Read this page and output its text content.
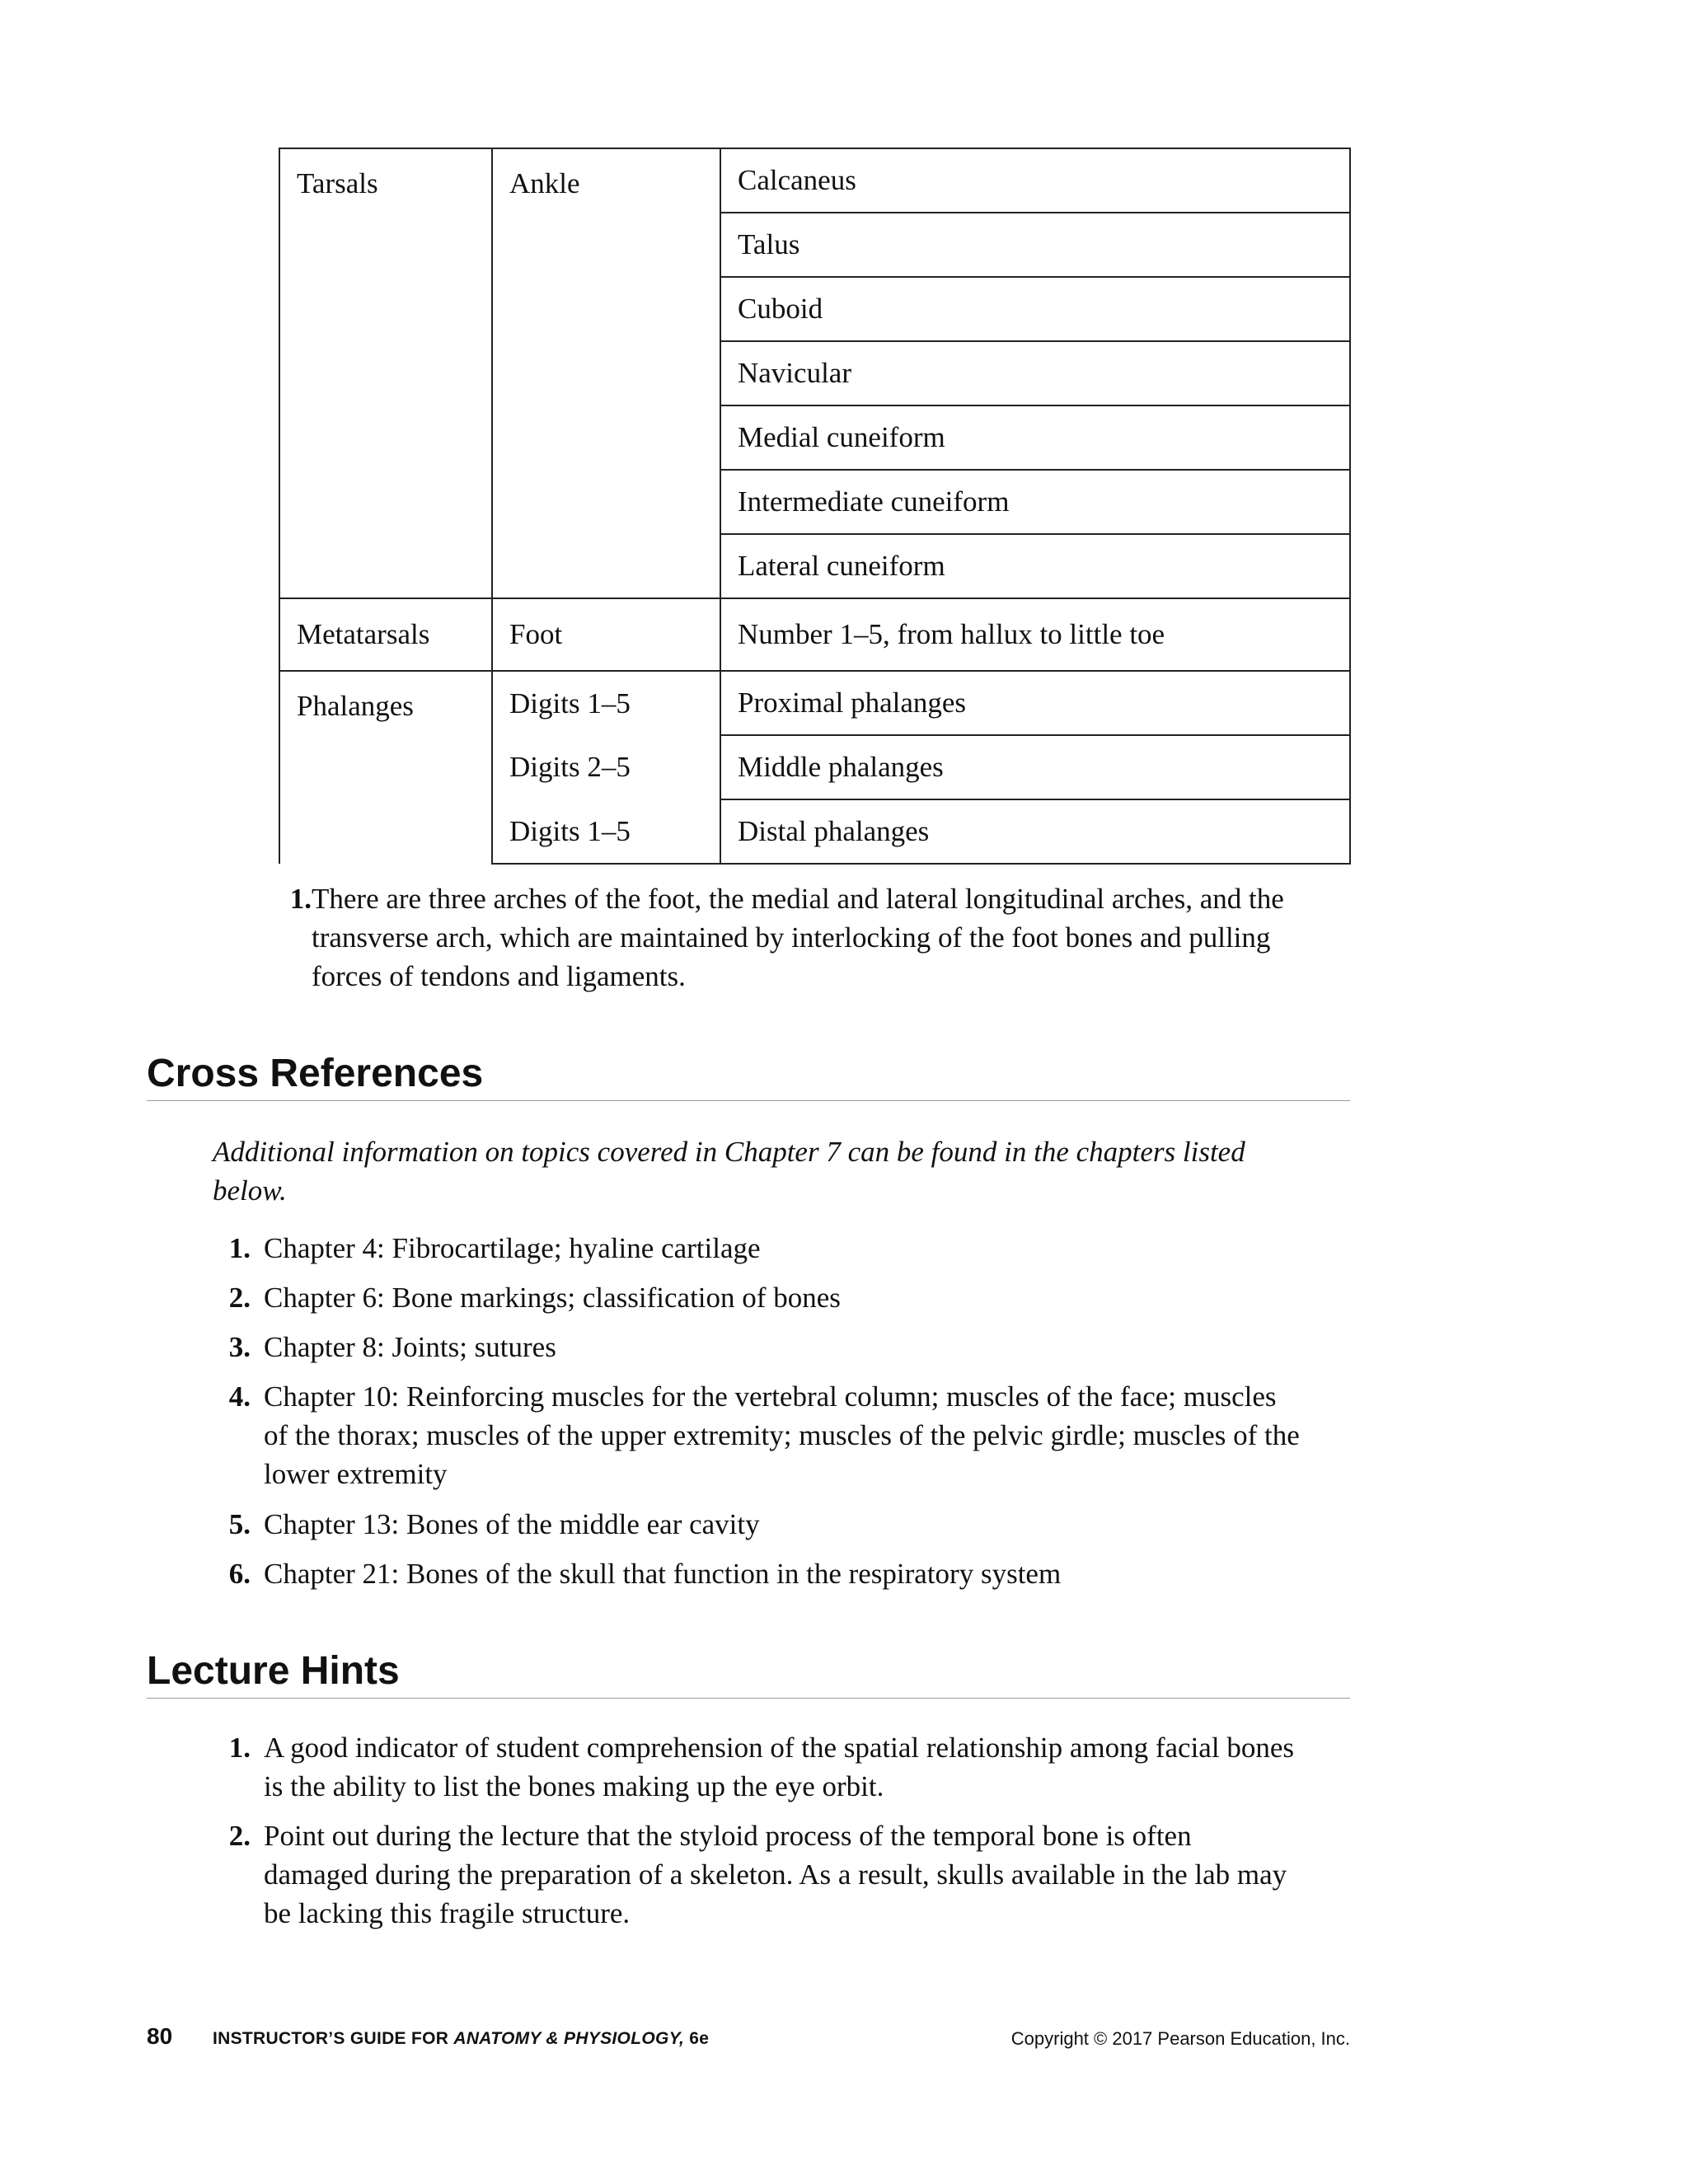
Tarsals	Ankle	Calcaneus
		Talus
		Cuboid
		Navicular
		Medial cuneiform
		Intermediate cuneiform
		Lateral cuneiform
Metatarsals	Foot	Number 1–5, from hallux to little toe
Phalanges	Digits 1–5	Proximal phalanges
	Digits 2–5	Middle phalanges
	Digits 1–5	Distal phalanges
1. There are three arches of the foot, the medial and lateral longitudinal arches, and the
transverse arch, which are maintained by interlocking of the foot bones and pulling
forces of tendons and ligaments.
Cross References
Additional information on topics covered in Chapter 7 can be found in the chapters listed
below.
1. Chapter 4: Fibrocartilage; hyaline cartilage
2. Chapter 6: Bone markings; classification of bones
3. Chapter 8: Joints; sutures
4. Chapter 10: Reinforcing muscles for the vertebral column; muscles of the face; muscles
of the thorax; muscles of the upper extremity; muscles of the pelvic girdle; muscles of the
lower extremity
5. Chapter 13: Bones of the middle ear cavity
6. Chapter 21: Bones of the skull that function in the respiratory system
Lecture Hints
1. A good indicator of student comprehension of the spatial relationship among facial bones
is the ability to list the bones making up the eye orbit.
2. Point out during the lecture that the styloid process of the temporal bone is often
damaged during the preparation of a skeleton. As a result, skulls available in the lab may
be lacking this fragile structure.
80 INSTRUCTOR’S GUIDE FOR ANATOMY & PHYSIOLOGY, 6e	Copyright © 2017 Pearson Education, Inc.
